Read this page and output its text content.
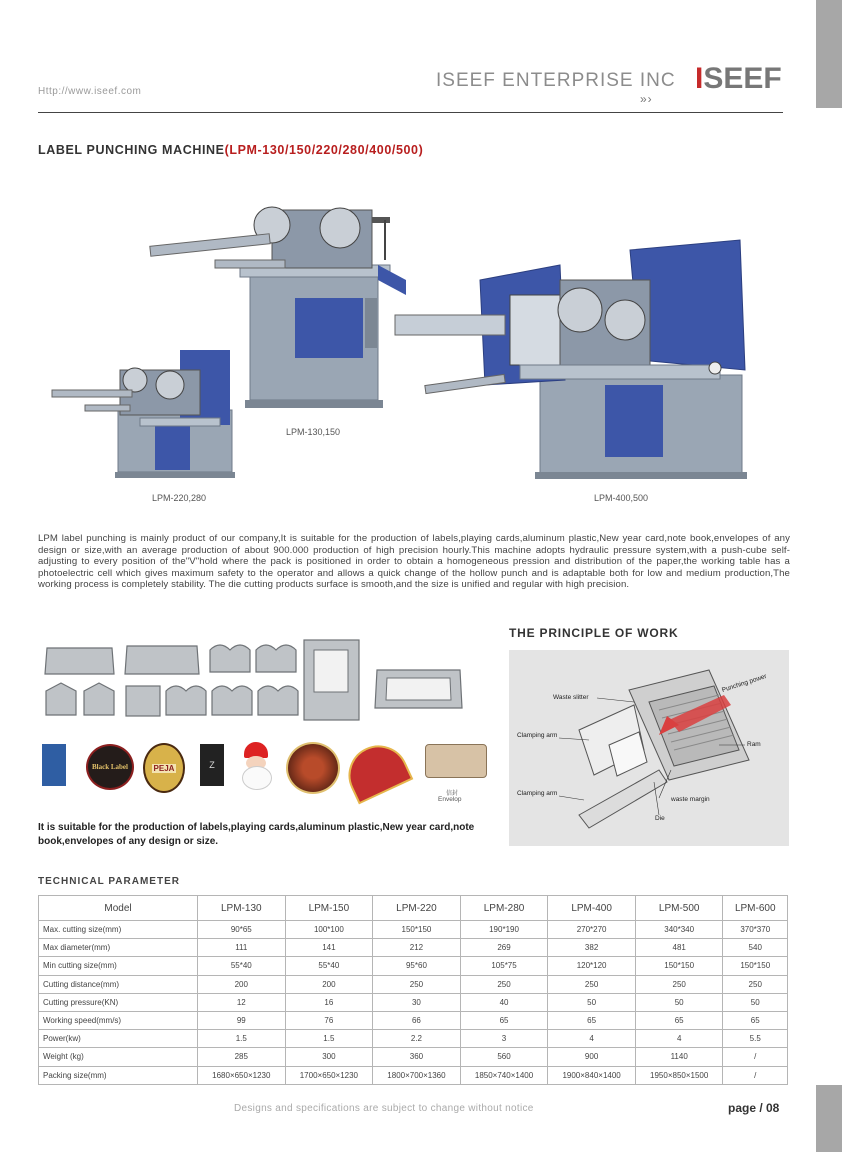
Http://www.iseef.com
ISEEF ENTERPRISE INC
»›
ISEEF
LABEL PUNCHING MACHINE(LPM-130/150/220/280/400/500)
LPM-130,150
LPM-220,280	LPM-400,500
LPM label punching is mainly product of our company,It is suitable for the production of labels,playing cards,aluminum plastic,New year card,note book,envelopes of any design or size,with an average production of about 900.000 production of high precision hourly.This machine adopts hydraulic pressure system,with a push-cube self-adjusting to every position of the"V"hold where the pack is positioned in order to obtain a homogeneous pression and distribution of the paper,the working table has a photoelectric cell which gives maximum safety to the operator and allows a quick change of the hollow punch and is adaptable both for low and medium production,The working process is completely stability. The die cutting products surface is smooth,and the size is unified and regular with high precision.
Black Label	PEJA	Z
信封
Envelop
It is suitable for the production of labels,playing cards,aluminum plastic,New year card,note book,envelopes of any design or size.
THE PRINCIPLE OF WORK
Waste slitter
Punching power
Clamping arm
Ram
Clamping arm
waste margin
Die
TECHNICAL PARAMETER
Model	LPM-130	LPM-150	LPM-220	LPM-280	LPM-400	LPM-500	LPM-600
Max. cutting size(mm)	90*65	100*100	150*150	190*190	270*270	340*340	370*370
Max diameter(mm)	111	141	212	269	382	481	540
Min cutting size(mm)	55*40	55*40	95*60	105*75	120*120	150*150	150*150
Cutting distance(mm)	200	200	250	250	250	250	250
Cutting pressure(KN)	12	16	30	40	50	50	50
Working speed(mm/s)	99	76	66	65	65	65	65
Power(kw)	1.5	1.5	2.2	3	4	4	5.5
Weight (kg)	285	300	360	560	900	1140	/
Packing size(mm)	1680×650×1230	1700×650×1230	1800×700×1360	1850×740×1400	1900×840×1400	1950×850×1500	/
Designs and specifications are subject to change without notice	page / 08
